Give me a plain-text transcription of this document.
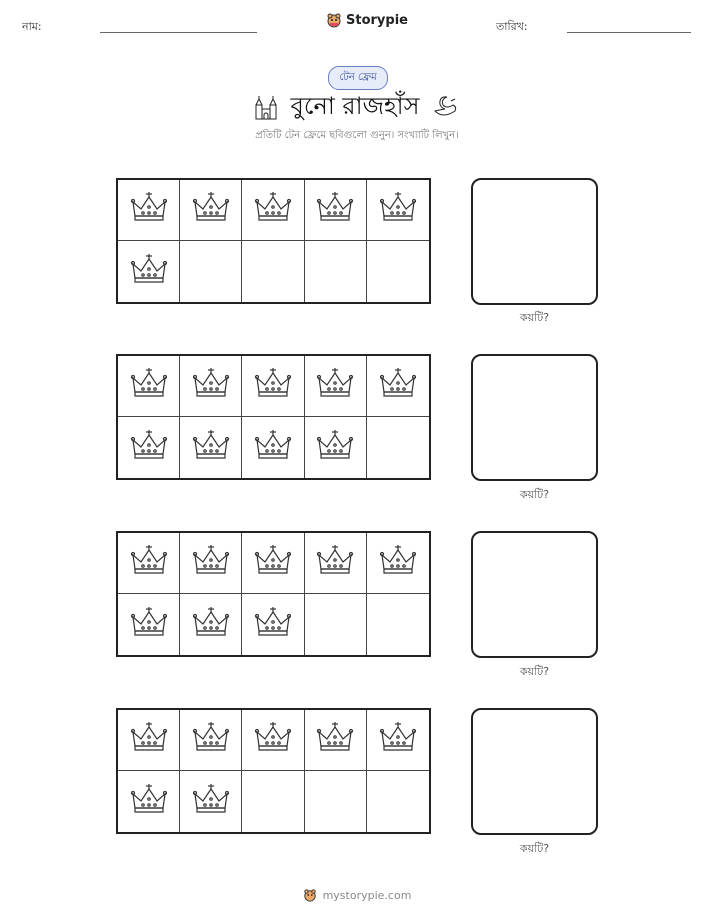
নাম:	Storypie	তারিখ:
টেন ফ্রেম
বুনো রাজহাঁস
প্রতিটি টেন ফ্রেমে ছবিগুলো গুনুন। সংখ্যাটি লিখুন।
কয়টি?
কয়টি?
কয়টি?
কয়টি?
mystorypie.com
